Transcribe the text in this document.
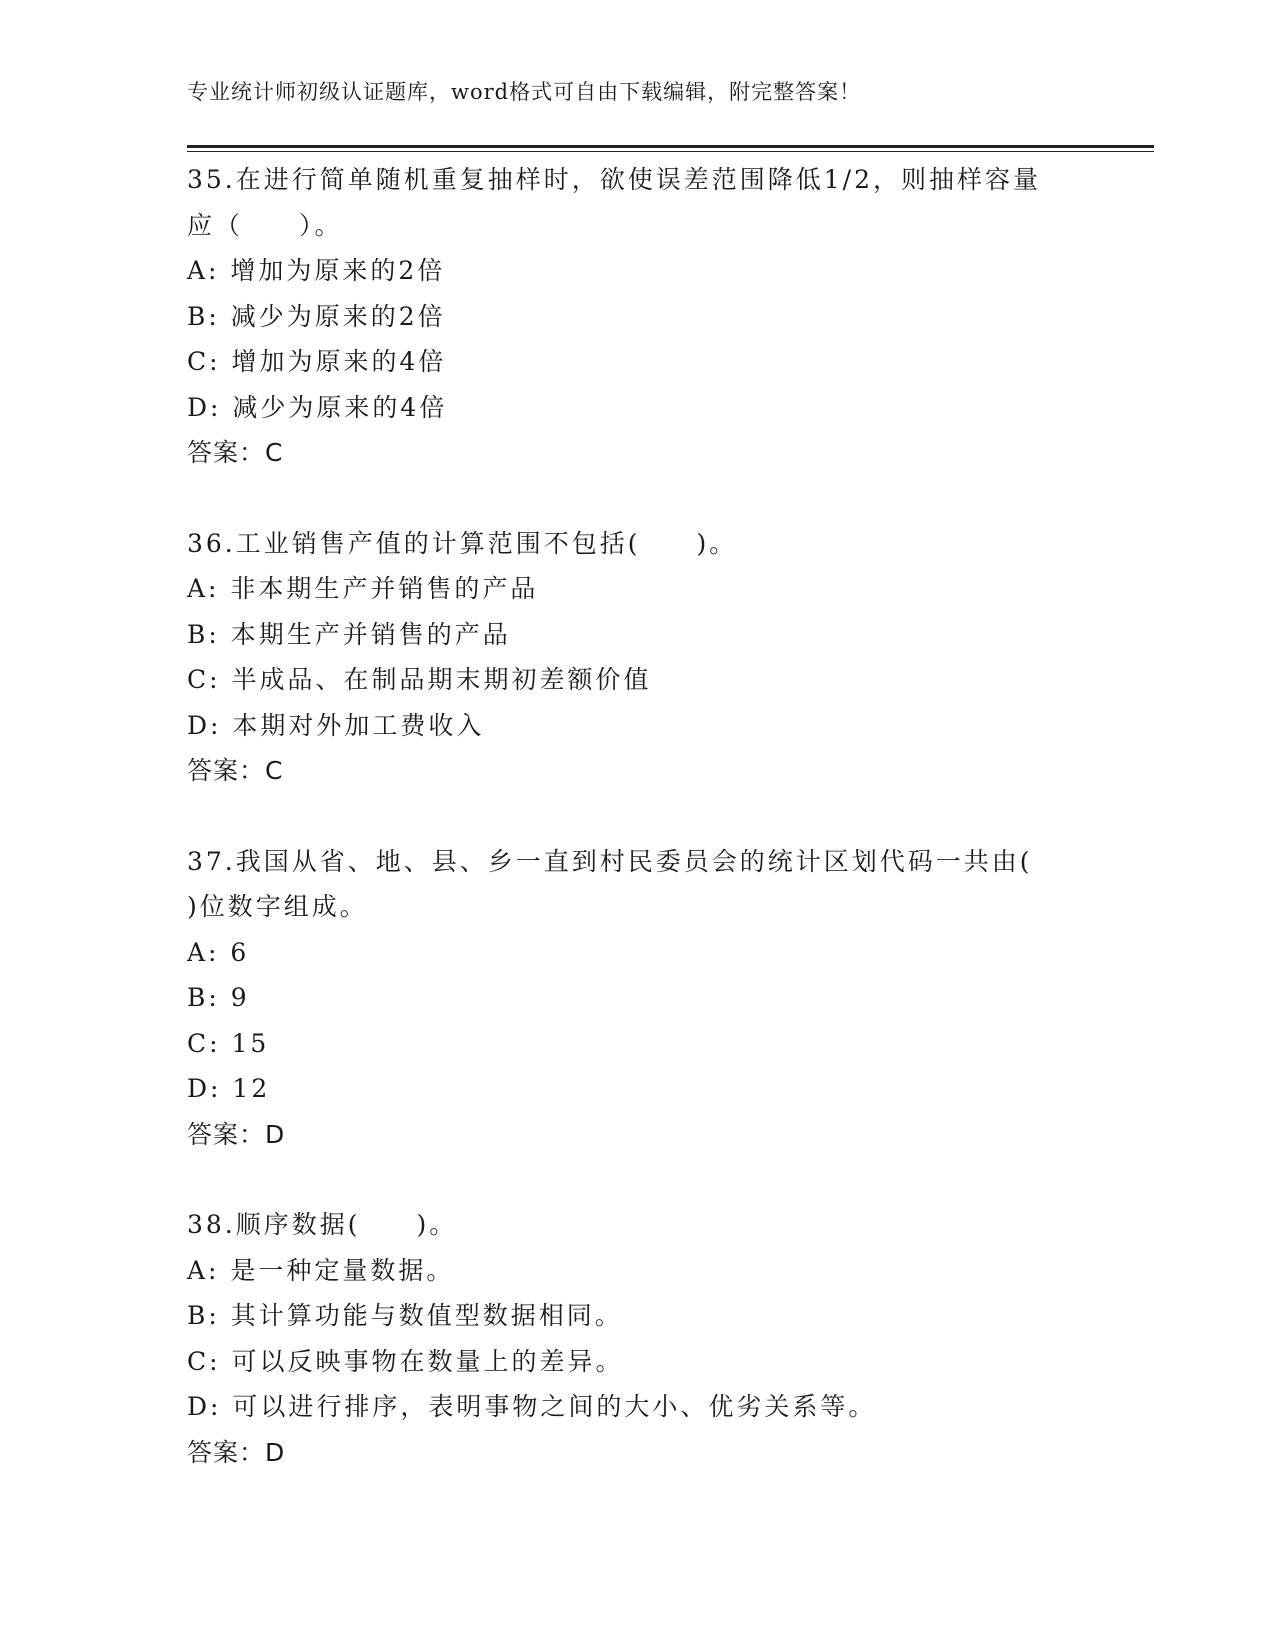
专业统计师初级认证题库，word格式可自由下载编辑，附完整答案！
35.在进行简单随机重复抽样时，欲使误差范围降低1/2，则抽样容量
应（　　）。
A: 增加为原来的2倍
B: 减少为原来的2倍
C: 增加为原来的4倍
D: 减少为原来的4倍
答案：C
36.工业销售产值的计算范围不包括(　　)。
A: 非本期生产并销售的产品
B: 本期生产并销售的产品
C: 半成品、在制品期末期初差额价值
D: 本期对外加工费收入
答案：C
37.我国从省、地、县、乡一直到村民委员会的统计区划代码一共由(
)位数字组成。
A: 6
B: 9
C: 15
D: 12
答案：D
38.顺序数据(　　)。
A: 是一种定量数据。
B: 其计算功能与数值型数据相同。
C: 可以反映事物在数量上的差异。
D: 可以进行排序，表明事物之间的大小、优劣关系等。
答案：D
